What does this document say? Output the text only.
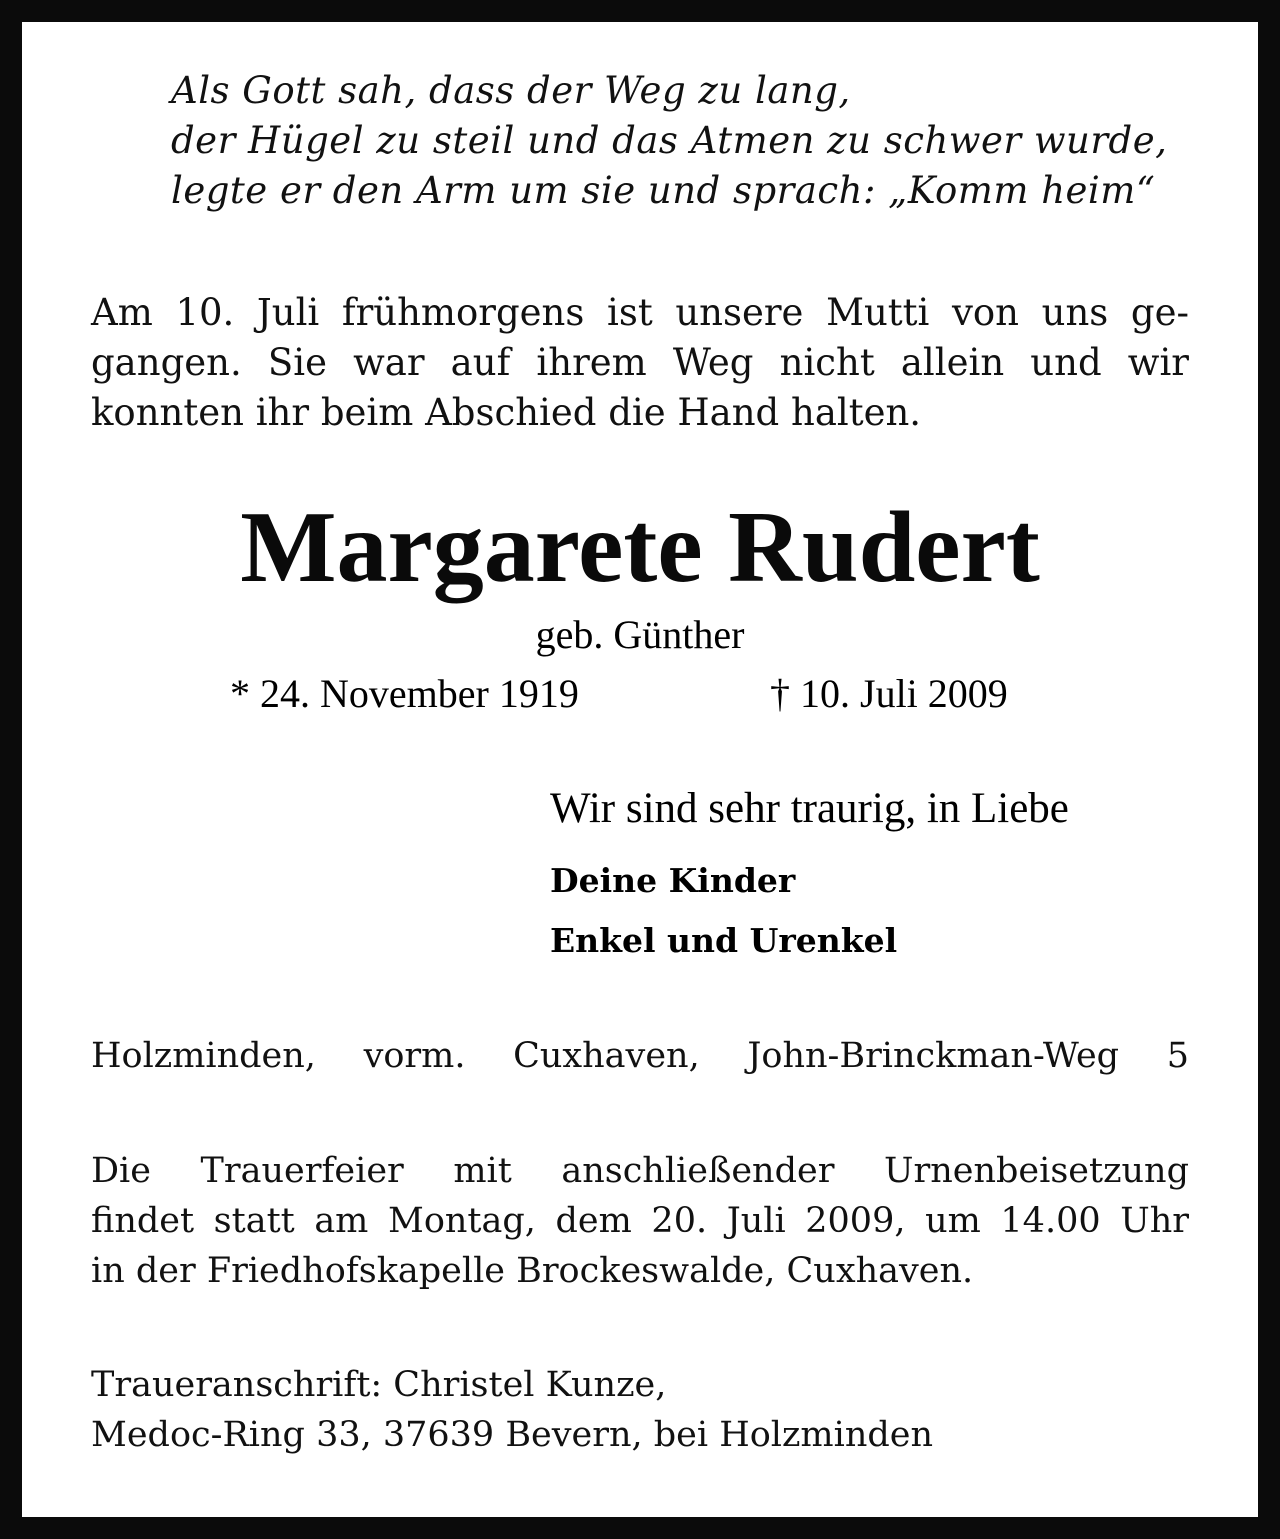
Als Gott sah, dass der Weg zu lang,
der Hügel zu steil und das Atmen zu schwer wurde,
legte er den Arm um sie und sprach: „Komm heim“
Am 10. Juli frühmorgens ist unsere Mutti von uns ge-
gangen. Sie war auf ihrem Weg nicht allein und wir
konnten ihr beim Abschied die Hand halten.
Margarete Rudert
geb. Günther
* 24. November 1919	† 10. Juli 2009
Wir sind sehr traurig, in Liebe
Deine Kinder
Enkel und Urenkel
Holzminden, vorm. Cuxhaven, John-Brinckman-Weg 5
Die Trauerfeier mit anschließender Urnenbeisetzung
findet statt am Montag, dem 20. Juli 2009, um 14.00 Uhr
in der Friedhofskapelle Brockeswalde, Cuxhaven.
Traueranschrift: Christel Kunze,
Medoc-Ring 33, 37639 Bevern, bei Holzminden
